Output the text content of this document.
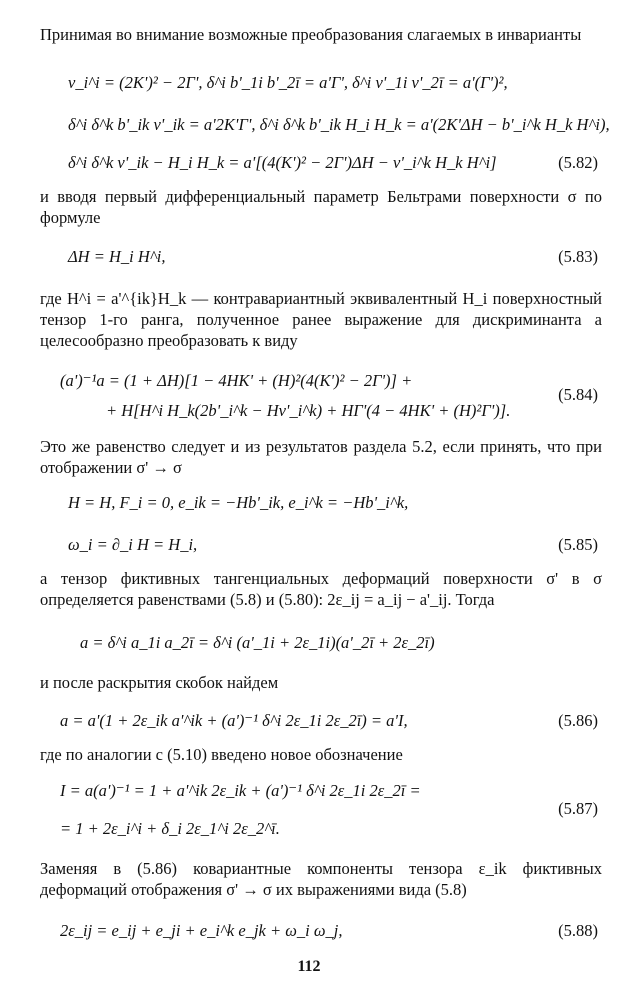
Принимая во внимание возможные преобразования слагаемых в инварианты
ν_i^i = (2K')² − 2Γ', δ^i b'_1i b'_2ī = a'Γ', δ^i ν'_1i ν'_2ī = a'(Γ')²,
δ^i δ^k b'_ik ν'_ik = a'2K'Γ', δ^i δ^k b'_ik H_i H_k = a'(2K'ΔH − b'_i^k H_k H^i),
δ^i δ^k ν'_ik − H_i H_k = a'[(4(K')² − 2Γ')ΔH − ν'_i^k H_k H^i]	(5.82)
и вводя первый дифференциальный параметр Бельтрами поверхности σ по формуле
ΔH = H_i H^i,	(5.83)
где H^i = a'^{ik}H_k — контравариантный эквивалентный H_i поверхностный тензор 1-го ранга, полученное ранее выражение для дискриминанта a целесообразно преобразовать к виду
(a')⁻¹a = (1 + ΔH)[1 − 4HK' + (H)²(4(K')² − 2Γ')] +
+ H[H^i H_k(2b'_i^k − Hν'_i^k) + HΓ'(4 − 4HK' + (H)²Γ')].
(5.84)
Это же равенство следует и из результатов раздела 5.2, если принять, что при отображении σ' → σ
H = H, F_i = 0, e_ik = −Hb'_ik, e_i^k = −Hb'_i^k,
ω_i = ∂_i H = H_i,	(5.85)
а тензор фиктивных тангенциальных деформаций поверхности σ' в σ определяется равенствами (5.8) и (5.80): 2ε_ij = a_ij − a'_ij. Тогда
a = δ^i a_1i a_2ī = δ^i (a'_1i + 2ε_1i)(a'_2ī + 2ε_2ī)
и после раскрытия скобок найдем
a = a'(1 + 2ε_ik a'^ik + (a')⁻¹ δ^i 2ε_1i 2ε_2ī) = a'I,	(5.86)
где по аналогии с (5.10) введено новое обозначение
I = a(a')⁻¹ = 1 + a'^ik 2ε_ik + (a')⁻¹ δ^i 2ε_1i 2ε_2ī =
= 1 + 2ε_i^i + δ_i 2ε_1^i 2ε_2^ī.
(5.87)
Заменяя в (5.86) ковариантные компоненты тензора ε_ik фиктивных деформаций отображения σ' → σ их выражениями вида (5.8)
2ε_ij = e_ij + e_ji + e_i^k e_jk + ω_i ω_j,	(5.88)
112
